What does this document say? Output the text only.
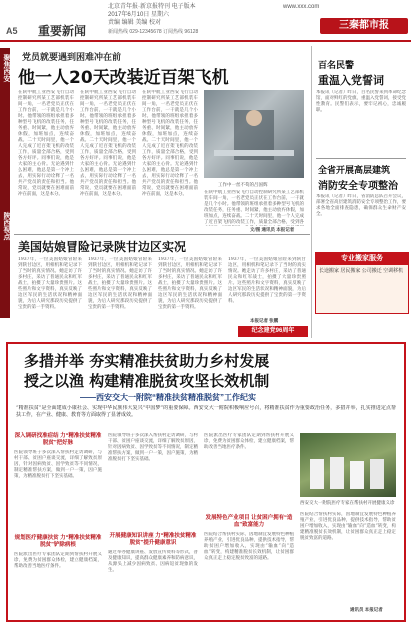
A5 重要新闻
北京青年报·新京报特刊 电子版本
2017年6月10日 星期六
责编 编辑 美编 校对
www.xxx.com
三秦都市报
新闻热线 029-12345678 订阅热线 96128
聚焦西安
陕西视点
党员就要遇到困难冲在前
他一人20天改装近百架飞机

在陕中航工业西安飞行自动控制研究所某工艺部机装车间一角，一名老党员正伏在工作台前，一干就是几个小时。他带领的班组承担着多种型号飞机的改装任务，任务重、时间紧，他主动放弃休假，加班加点，连续奋战。二十天时间里，他一个人完成了近百架飞机的改装工作，质量全部合格，受到各方好评。同事们说，他是大家的主心骨。无论遇到什么困难，他总是第一个冲上去，用实际行动诠释了一名共产党员的责任和担当。他常说，党员就要在困难面前冲在前面，这是本分。

在陕中航工业西安飞行自动控制研究所某工艺部机装车间一角，一名老党员正伏在工作台前，一干就是几个小时。他带领的班组承担着多种型号飞机的改装任务，任务重、时间紧，他主动放弃休假，加班加点，连续奋战。二十天时间里，他一个人完成了近百架飞机的改装工作，质量全部合格，受到各方好评。同事们说，他是大家的主心骨。无论遇到什么困难，他总是第一个冲上去，用实际行动诠释了一名共产党员的责任和担当。他常说，党员就要在困难面前冲在前面，这是本分。

在陕中航工业西安飞行自动控制研究所某工艺部机装车间一角，一名老党员正伏在工作台前，一干就是几个小时。他带领的班组承担着多种型号飞机的改装任务，任务重、时间紧，他主动放弃休假，加班加点，连续奋战。二十天时间里，他一个人完成了近百架飞机的改装工作，质量全部合格，受到各方好评。同事们说，他是大家的主心骨。无论遇到什么困难，他总是第一个冲上去，用实际行动诠释了一名共产党员的责任和担当。他常说，党员就要在困难面前冲在前面，这是本分。

工作中一丝不苟的吕国辉

在陕中航工业西安飞行自动控制研究所某工艺部机装车间一角，一名老党员正伏在工作台前，一干就是几个小时。他带领的班组承担着多种型号飞机的改装任务，任务重、时间紧，他主动放弃休假，加班加点，连续奋战。二十天时间里，他一个人完成了近百架飞机的改装工作，质量全部合格，受到各

文/图 通讯员 本报记者
美国姑娘冒险记录陕甘边区实况

1937年，一位美国姑娘冒险来到陕甘边区，用相机和笔记录下了当时的真实情况。她走访了许多村庄，采访了普通民众和红军战士，拍摄了大量珍贵照片。这些照片和文字资料，真实反映了边区军民的生活状况和精神面貌，为后人研究那段历史提供了宝贵的第一手资料。

1937年，一位美国姑娘冒险来到陕甘边区，用相机和笔记录下了当时的真实情况。她走访了许多村庄，采访了普通民众和红军战士，拍摄了大量珍贵照片。这些照片和文字资料，真实反映了边区军民的生活状况和精神面貌，为后人研究那段历史提供了宝贵的第一手资料。

1937年，一位美国姑娘冒险来到陕甘边区，用相机和笔记录下了当时的真实情况。她走访了许多村庄，采访了普通民众和红军战士，拍摄了大量珍贵照片。这些照片和文字资料，真实反映了边区军民的生活状况和精神面貌，为后人研究那段历史提供了宝贵的第一手资料。

1937年，一位美国姑娘冒险来到陕甘边区，用相机和笔记录下了当时的真实情况。她走访了许多村庄，采访了普通民众和红军战士，拍摄了大量珍贵照片。这些照片和文字资料，真实反映了边区军民的生活状况和精神面貌，为后人研究那段历史提供了宝贵的第一手资料。

本报记者 张鹏
纪念建党96周年
百名民警
重温入党誓词

本报讯（记者）昨日，百名民警来到革命纪念馆，面对鲜红的党旗，重温入党誓词，接受党性教育。民警们表示，要牢记初心，忠诚履职。

全省开展高层建筑
消防安全专项整治

本报讯（记者）昨日，省消防总队召开会议，部署全省高层建筑消防安全专项整治工作，要求各地全面排查隐患，确保群众生命财产安全。

专业搬家服务
长途搬家 居民搬家 公司搬迁 空调移机
多措并举 夯实精准扶贫助力乡村发展
授之以渔 构建精准脱贫攻坚长效机制
——西安交大一附院“精准扶贫精准脱贫”工作纪实

“精准扶贫”是全面建成小康社会、实现中华民族伟大复兴“中国梦”的重要保障。西安交大一附院积极响应号召，将精准扶贫作为重要政治任务，多措并举，扎实推进定点帮扶工作，在产业、健康、教育等方面取得了显著成效。

深入调研找准症结 力“精准扶贫精准脱贫”把好脉

医院领导班子多次深入帮扶村走访调研，与村干部、贫困户座谈交流，详细了解致贫原因，针对因病致贫、因学致贫等不同情况，制定精准帮扶方案，做到一户一策，因户施策，为精准脱贫打下坚实基础。

规划医疗健康扶贫 力“精准扶贫精准脱贫”铲除病根

医院派出医疗专家团队定期到帮扶村开展义诊，免费为贫困群众体检，建立健康档案，帮助改善当地医疗条件。

医院领导班子多次深入帮扶村走访调研，与村干部、贫困户座谈交流，详细了解致贫原因，针对因病致贫、因学致贫等不同情况，制定精准帮扶方案，做到一户一策，因户施策，为精准脱贫打下坚实基础。

开展健康知识讲座 力“精准扶贫精准脱贫”提升健康意识

通过举办健康讲座、发放宣传资料等形式，普及健康知识，提高群众健康素养和防病意识，从源头上减少因病致贫、因病返贫现象的发生。

医院派出医疗专家团队定期到帮扶村开展义诊，免费为贫困群众体检，建立健康档案，帮助改善当地医疗条件。

发展特色产业项目 让贫困户拥有“造血”致富能力

医院结合帮扶村实际，因地制宜发展特色种植养殖产业，引进优良品种，提供技术指导，帮助贫困户增加收入，实现由“输血”向“造血”转变，构建精准脱贫长效机制，让贫困群众真正走上稳定脱贫致富的道路。

西安交大一附院医疗专家在帮扶村开展健康义诊

医院结合帮扶村实际，因地制宜发展特色种植养殖产业，引进优良品种，提供技术指导，帮助贫困户增加收入，实现由“输血”向“造血”转变，构建精准脱贫长效机制，让贫困群众真正走上稳定脱贫致富的道路。

通讯员 本报记者
